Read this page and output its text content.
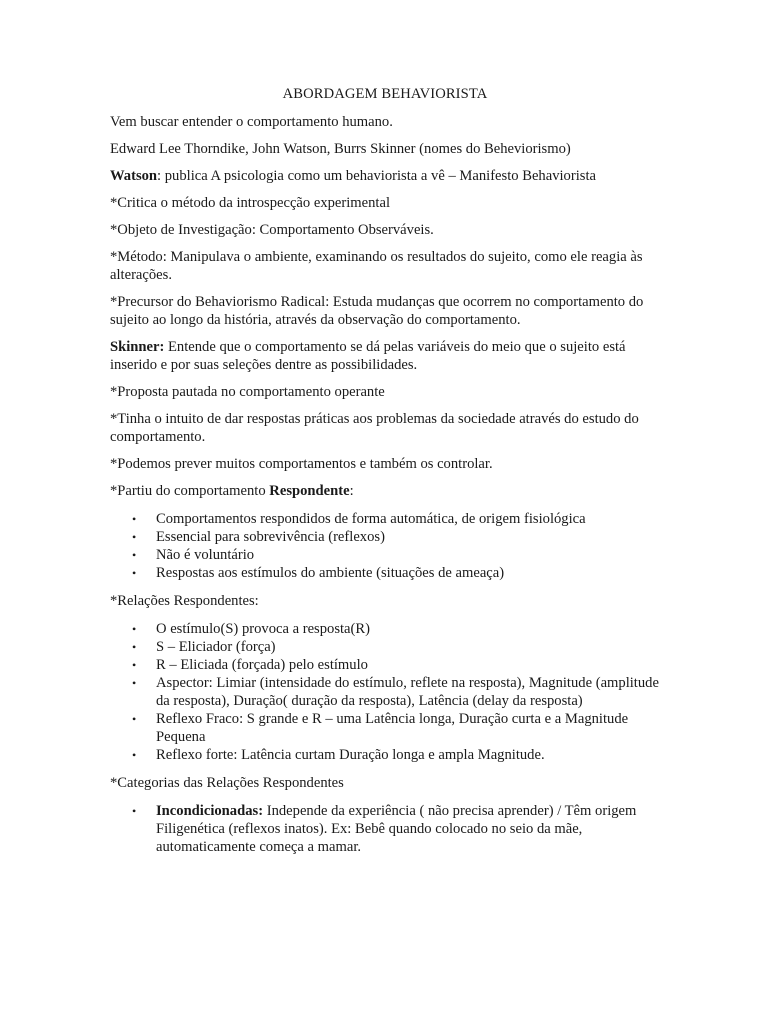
ABORDAGEM BEHAVIORISTA

Vem buscar entender o comportamento humano.

Edward Lee Thorndike, John Watson, Burrs Skinner (nomes do Beheviorismo)

Watson: publica A psicologia como um behaviorista a vê – Manifesto Behaviorista

*Critica o método da introspecção experimental

*Objeto de Investigação: Comportamento Observáveis.

*Método: Manipulava o ambiente, examinando os resultados do sujeito, como ele reagia às alterações.

*Precursor do Behaviorismo Radical: Estuda mudanças que ocorrem no comportamento do sujeito ao longo da história, através da observação do comportamento.

Skinner: Entende que o comportamento se dá pelas variáveis do meio que o sujeito está inserido e por suas seleções dentre as possibilidades.

*Proposta pautada no comportamento operante

*Tinha o intuito de dar respostas práticas aos problemas da sociedade através do estudo do comportamento.

*Podemos prever muitos comportamentos e também os controlar.

*Partiu do comportamento Respondente:

• Comportamentos respondidos de forma automática, de origem fisiológica
• Essencial para sobrevivência (reflexos)
• Não é voluntário
• Respostas aos estímulos do ambiente (situações de ameaça)

*Relações Respondentes:

• O estímulo(S) provoca a resposta(R)
• S – Eliciador (força)
• R – Eliciada (forçada) pelo estímulo
• Aspector: Limiar (intensidade do estímulo, reflete na resposta), Magnitude (amplitude da resposta), Duração( duração da resposta), Latência (delay da resposta)
• Reflexo Fraco: S grande e R – uma Latência longa, Duração curta e a Magnitude Pequena
• Reflexo forte: Latência curtam Duração longa e ampla Magnitude.

*Categorias das Relações Respondentes

• Incondicionadas: Independe da experiência ( não precisa aprender) / Têm origem Filigenética (reflexos inatos). Ex: Bebê quando colocado no seio da mãe, automaticamente começa a mamar.
